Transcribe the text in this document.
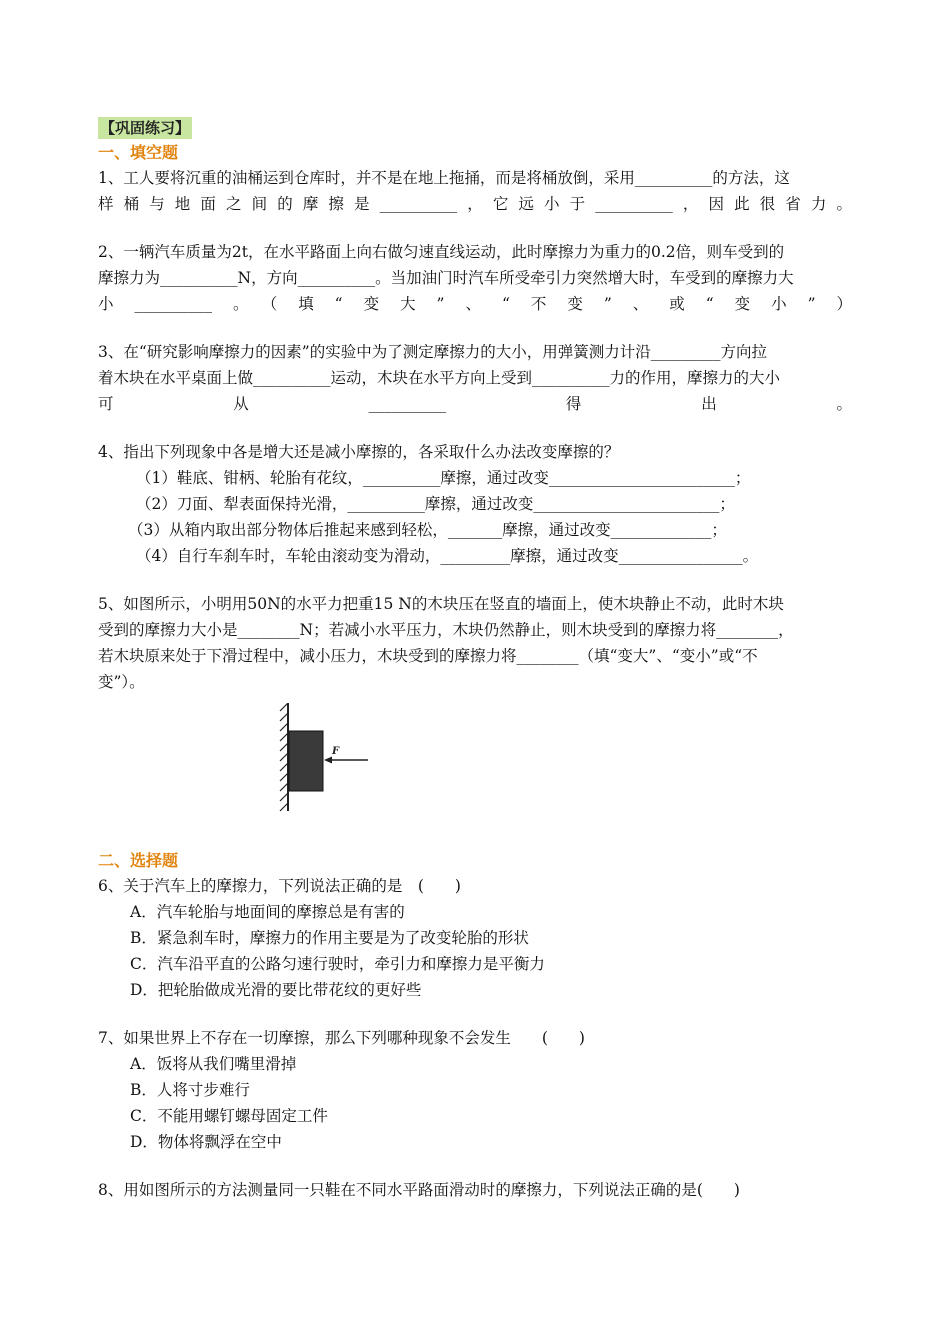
【巩固练习】
一、填空题

1、工人要将沉重的油桶运到仓库时，并不是在地上拖捅，而是将桶放倒，采用__________的方法，这

样桶与地面之间的摩擦是__________，它远小于__________，因此很省力。

2、一辆汽车质量为2t，在水平路面上向右做匀速直线运动，此时摩擦力为重力的0.2倍，则车受到的

摩擦力为__________N，方向__________。当加油门时汽车所受牵引力突然增大时，车受到的摩擦力大

小__________。（填“变大”、“不变”、或“变小”）

3、在“研究影响摩擦力的因素”的实验中为了测定摩擦力的大小，用弹簧测力计沿_________方向拉

着木块在水平桌面上做__________运动，木块在水平方向上受到__________力的作用，摩擦力的大小

可从__________得出。

4、指出下列现象中各是增大还是减小摩擦的，各采取什么办法改变摩擦的？

（1）鞋底、钳柄、轮胎有花纹，__________摩擦，通过改变________________________；

（2）刀面、犁表面保持光滑，__________摩擦，通过改变________________________；

（3）从箱内取出部分物体后推起来感到轻松，_______摩擦，通过改变_____________；

（4）自行车刹车时，车轮由滚动变为滑动，_________摩擦，通过改变________________。

5、如图所示，小明用50N的水平力把重15 N的木块压在竖直的墙面上，使木块静止不动，此时木块

受到的摩擦力大小是________N；若减小水平压力，木块仍然静止，则木块受到的摩擦力将________，

若木块原来处于下滑过程中，减小压力，木块受到的摩擦力将________（填“变大”、“变小”或“不

变”）。

F
二、选择题

6、关于汽车上的摩擦力，下列说法正确的是　(　　)

A．汽车轮胎与地面间的摩擦总是有害的

B．紧急刹车时，摩擦力的作用主要是为了改变轮胎的形状

C．汽车沿平直的公路匀速行驶时，牵引力和摩擦力是平衡力

D．把轮胎做成光滑的要比带花纹的更好些

7、如果世界上不存在一切摩擦，那么下列哪种现象不会发生　　(　　)

A．饭将从我们嘴里滑掉

B．人将寸步难行

C．不能用螺钉螺母固定工件

D．物体将飘浮在空中

8、用如图所示的方法测量同一只鞋在不同水平路面滑动时的摩擦力，下列说法正确的是(　　)
